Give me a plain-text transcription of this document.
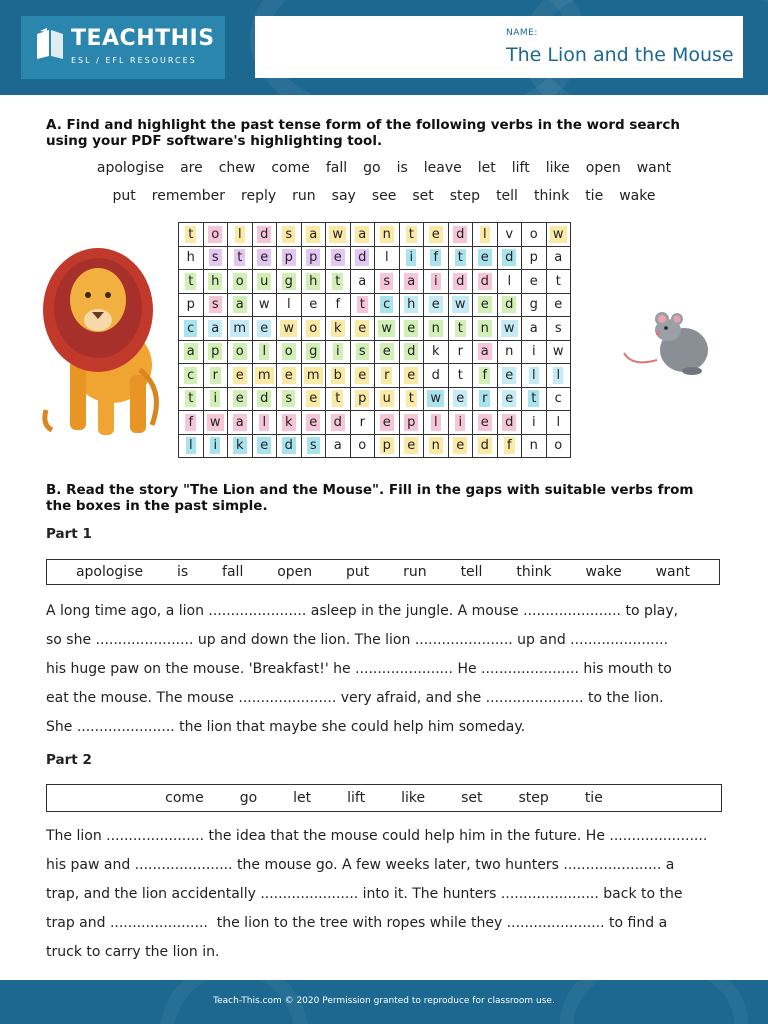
TEACHTHIS
ESL / EFL RESOURCES
NAME:
The Lion and the Mouse
A. Find and highlight the past tense form of the following verbs in the word search
using your PDF software's highlighting tool.
apologise are chew come fall go is leave let lift like open want
put remember reply run say see set step tell think tie wake
t	o	l	d	s	a	w	a	n	t	e	d	l	v	o	w
h	s	t	e	p	p	e	d	l	i	f	t	e	d	p	a
t	h	o	u	g	h	t	a	s	a	i	d	d	l	e	t
p	s	a	w	l	e	f	t	c	h	e	w	e	d	g	e
c	a	m	e	w	o	k	e	w	e	n	t	n	w	a	s
a	p	o	l	o	g	i	s	e	d	k	r	a	n	i	w
c	r	e	m	e	m	b	e	r	e	d	t	f	e	l	l
t	i	e	d	s	e	t	p	u	t	w	e	r	e	t	c
f	w	a	l	k	e	d	r	e	p	l	i	e	d	i	l
l	i	k	e	d	s	a	o	p	e	n	e	d	f	n	o
B. Read the story "The Lion and the Mouse". Fill in the gaps with suitable verbs from
the boxes in the past simple.
Part 1
apologise is fall open put run tell think wake want
A long time ago, a lion ...................... asleep in the jungle. A mouse ...................... to play,
so she ...................... up and down the lion. The lion ...................... up and ......................
his huge paw on the mouse. 'Breakfast!' he ...................... He ...................... his mouth to
eat the mouse. The mouse ...................... very afraid, and she ...................... to the lion.
She ...................... the lion that maybe she could help him someday.
Part 2
come	go	let	lift	like	set	step	tie
The lion ...................... the idea that the mouse could help him in the future. He ......................
his paw and ...................... the mouse go. A few weeks later, two hunters ...................... a
trap, and the lion accidentally ...................... into it. The hunters ...................... back to the
trap and ......................  the lion to the tree with ropes while they ...................... to find a
truck to carry the lion in.
Teach-This.com © 2020 Permission granted to reproduce for classroom use.
